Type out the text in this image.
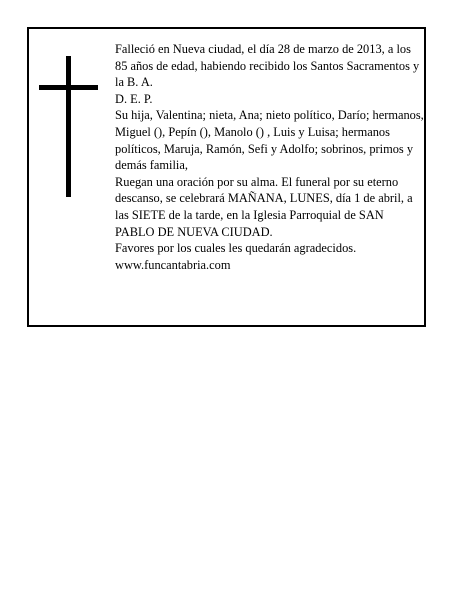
Falleció en Nueva ciudad, el día 28 de marzo de 2013, a los 85 años de edad, habiendo recibido los Santos Sacramentos y la B. A.

D. E. P.

Su hija, Valentina; nieta, Ana; nieto político, Darío; hermanos, Miguel (), Pepín (), Manolo () , Luis y Luisa; hermanos políticos, Maruja, Ramón, Sefi y Adolfo; sobrinos, primos y demás familia,

Ruegan una oración por su alma. El funeral por su eterno descanso, se celebrará MAÑANA, LUNES, día 1 de abril, a las SIETE de la tarde, en la Iglesia Parroquial de SAN PABLO DE NUEVA CIUDAD.

Favores por los cuales les quedarán agradecidos.

www.funcantabria.com
